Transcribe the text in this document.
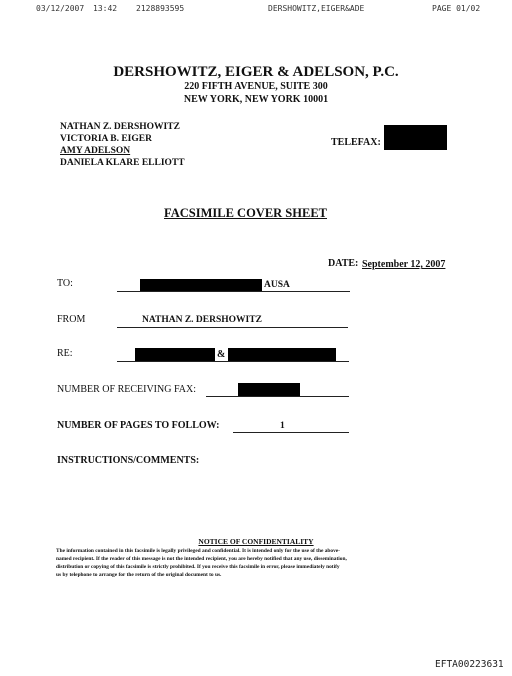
03/12/2007 13:42 2128893595	DERSHOWITZ,EIGER&ADE	PAGE 01/02
DERSHOWITZ, EIGER & ADELSON, P.C.
220 FIFTH AVENUE, SUITE 300
NEW YORK, NEW YORK 10001
NATHAN Z. DERSHOWITZ
VICTORIA B. EIGER
AMY ADELSON
DANIELA KLARE ELLIOTT
TELEFAX:
FACSIMILE COVER SHEET
DATE: September 12, 2007
TO:	AUSA
FROM	NATHAN Z. DERSHOWITZ
RE:	&
NUMBER OF RECEIVING FAX:
NUMBER OF PAGES TO FOLLOW:	1
INSTRUCTIONS/COMMENTS:
NOTICE OF CONFIDENTIALITY
The information contained in this facsimile is legally privileged and confidential. It is intended only for the use of the above-
named recipient. If the reader of this message is not the intended recipient, you are hereby notified that any use, dissemination,
distribution or copying of this facsimile is strictly prohibited. If you receive this facsimile in error, please immediately notify
us by telephone to arrange for the return of the original document to us.
EFTA00223631
